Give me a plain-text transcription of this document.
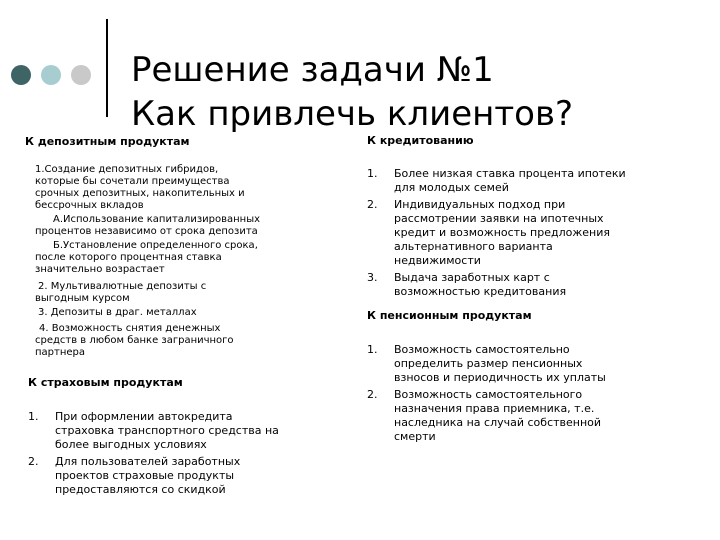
Решение задачи №1
Как привлечь клиентов?
К депозитным продуктам

1.Создание депозитных гибридов,
которые бы сочетали преимущества
срочных депозитных, накопительных и
бессрочных вкладов

А.Использование капитализированных
процентов независимо от срока депозита

Б.Установление определенного срока,
после которого процентная ставка
значительно возрастает

2. Мультивалютные депозиты с
выгодным курсом

3. Депозиты в драг. металлах

4. Возможность снятия денежных
средств в любом банке заграничного
партнера

К страховым продуктам
1. При оформлении автокредита
страховка транспортного средства на
более выгодных условиях
2. Для пользователей заработных
проектов страховые продукты
предоставляются со скидкой
К кредитованию
1. Более низкая ставка процента ипотеки
для молодых семей
2. Индивидуальных подход при
рассмотрении заявки на ипотечных
кредит и возможность предложения
альтернативного варианта
недвижимости
3. Выдача заработных карт с
возможностью кредитования
К пенсионным продуктам
1. Возможность самостоятельно
определить размер пенсионных
взносов и периодичность их уплаты
2. Возможность самостоятельного
назначения права приемника, т.е.
наследника на случай собственной
смерти
